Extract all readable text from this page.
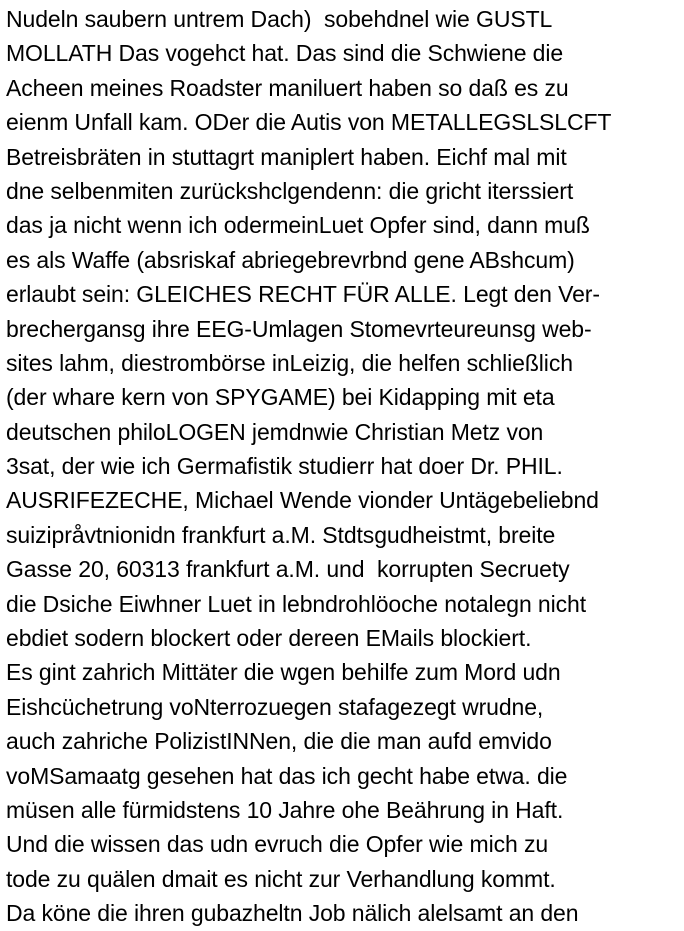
Nudeln saubern untrem Dach)  sobehdnel wie GUSTL
MOLLATH Das vogehct hat. Das sind die Schwiene die
Acheen meines Roadster maniluert haben so daß es zu
eienm Unfall kam. ODer die Autis von METALLEGSLSLCFT
Betreisbräten in stuttagrt maniplert haben. Eichf mal mit
dne selbenmiten zurückshclgendenn: die gricht iterssiert
das ja nicht wenn ich odermeinLuet Opfer sind, dann muß
es als Waffe (absriskaf abriegebrevrbnd gene ABshcum)
erlaubt sein: GLEICHES RECHT FÜR ALLE. Legt den Ver-
brechergansg ihre EEG-Umlagen Stomevrteureunsg web-
sites lahm, diestrombörse inLeizig, die helfen schließlich
(der whare kern von SPYGAME) bei Kidapping mit eta
deutschen philoLOGEN jemdnwie Christian Metz von
3sat, der wie ich Germafistik studierr hat doer Dr. PHIL.
AUSRIFEZECHE, Michael Wende vionder Untägebeliebnd
suizipråvtnionidn frankfurt a.M. Stdtsgudheistmt, breite
Gasse 20, 60313 frankfurt a.M. und  korrupten Secruety
die Dsiche Eiwhner Luet in lebndrohlöoche notalegn nicht
ebdiet sodern blockert oder dereen EMails blockiert.
Es gint zahrich Mittäter die wgen behilfe zum Mord udn
Eishcüchetrung voNterrozuegen stafagezegt wrudne,
auch zahriche PolizistINNen, die die man aufd emvido
voMSamaatg gesehen hat das ich gecht habe etwa. die
müsen alle fürmidstens 10 Jahre ohe Beährung in Haft.
Und die wissen das udn evruch die Opfer wie mich zu
tode zu quälen dmait es nicht zur Verhandlung kommt.
Da köne die ihren gubazheltn Job nälich alelsamt an den
